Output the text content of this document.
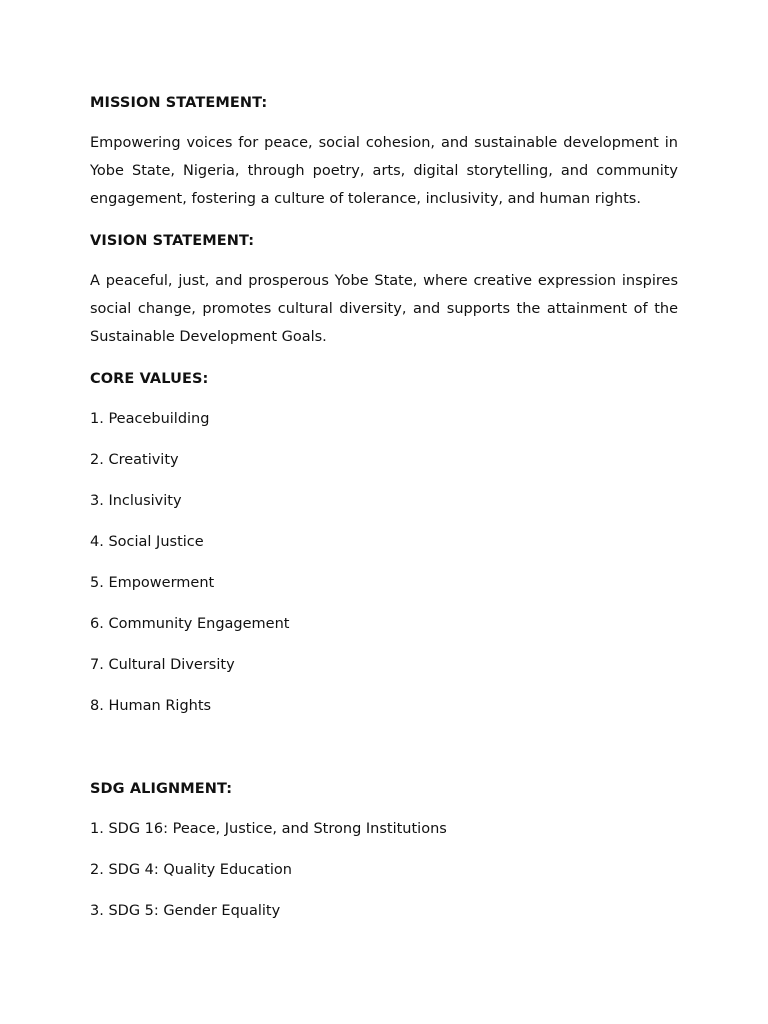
MISSION STATEMENT:

Empowering voices for peace, social cohesion, and sustainable development in Yobe State, Nigeria, through poetry, arts, digital storytelling, and community engagement, fostering a culture of tolerance, inclusivity, and human rights.

VISION STATEMENT:

A peaceful, just, and prosperous Yobe State, where creative expression inspires social change, promotes cultural diversity, and supports the attainment of the Sustainable Development Goals.

CORE VALUES:

1. Peacebuilding

2. Creativity

3. Inclusivity

4. Social Justice

5. Empowerment

6. Community Engagement

7. Cultural Diversity

8. Human Rights

SDG ALIGNMENT:

1. SDG 16: Peace, Justice, and Strong Institutions

2. SDG 4: Quality Education

3. SDG 5: Gender Equality
